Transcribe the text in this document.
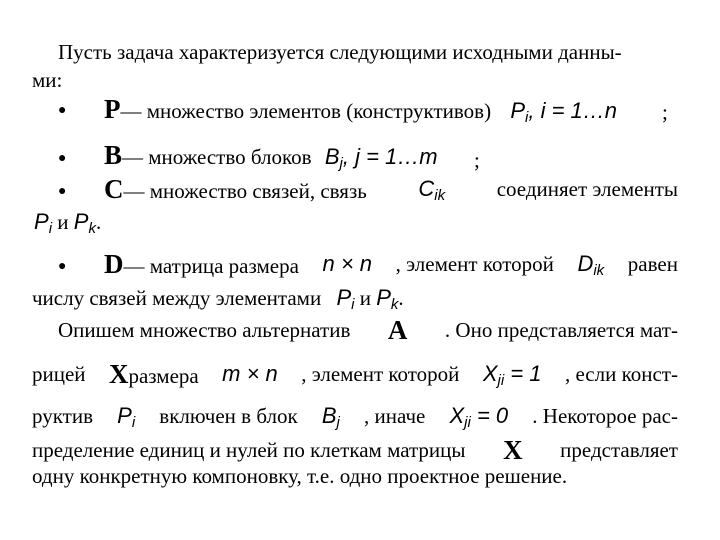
Пусть задача характеризуется следующими исходными данны-
ми:
● P— множество элементов (конструктивов) $P_i$, i = 1…n ;
● B— множество блоков $B_j$, j = 1…m ;
● C— множество связей, связь $C_{ik}$ соединяет элементы
$P_i$ и $P_k$.
● D— матрица размера n × n , элемент которой $D_{ik}$ равен
числу связей между элементами $P_i$ и $P_k$.
Опишем множество альтернатив A . Оно представляется мат-
рицей Xразмера m × n , элемент которой $X_{ji} = 1$ , если конст-
руктив $P_i$ включен в блок $B_j$ , иначе $X_{ji} = 0$ . Некоторое рас-
пределение единиц и нулей по клеткам матрицы X представляет
одну конкретную компоновку, т.е. одно проектное решение.
